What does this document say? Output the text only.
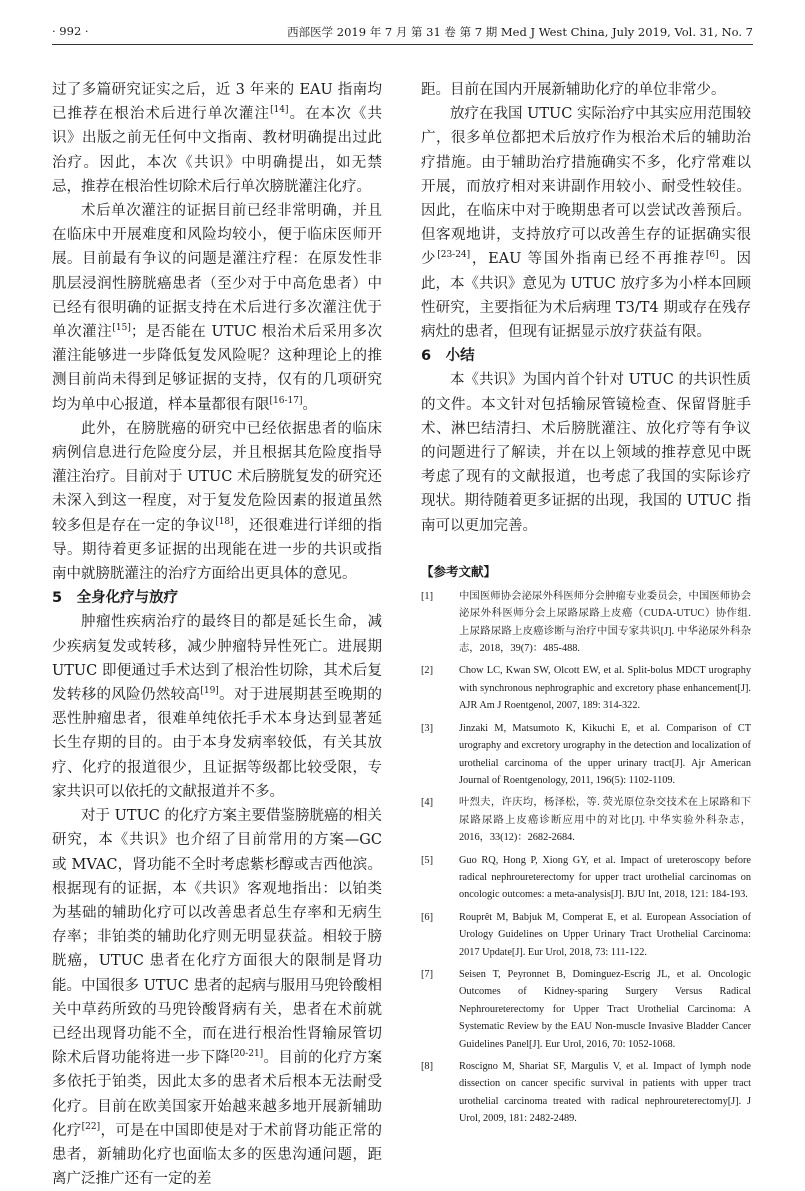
· 992 ·	西部医学 2019 年 7 月 第 31 卷 第 7 期 Med J West China, July 2019, Vol. 31, No. 7

过了多篇研究证实之后，近 3 年来的 EAU 指南均已推荐在根治术后进行单次灌注[14]。在本次《共识》出版之前无任何中文指南、教材明确提出过此治疗。因此，本次《共识》中明确提出，如无禁忌，推荐在根治性切除术后行单次膀胱灌注化疗。

术后单次灌注的证据目前已经非常明确，并且在临床中开展难度和风险均较小，便于临床医师开展。目前最有争议的问题是灌注疗程：在原发性非肌层浸润性膀胱癌患者（至少对于中高危患者）中已经有很明确的证据支持在术后进行多次灌注优于单次灌注[15]；是否能在 UTUC 根治术后采用多次灌注能够进一步降低复发风险呢？这种理论上的推测目前尚未得到足够证据的支持，仅有的几项研究均为单中心报道，样本量都很有限[16-17]。

此外，在膀胱癌的研究中已经依据患者的临床病例信息进行危险度分层，并且根据其危险度指导灌注治疗。目前对于 UTUC 术后膀胱复发的研究还未深入到这一程度，对于复发危险因素的报道虽然较多但是存在一定的争议[18]，还很难进行详细的指导。期待着更多证据的出现能在进一步的共识或指南中就膀胱灌注的治疗方面给出更具体的意见。

5　全身化疗与放疗

肿瘤性疾病治疗的最终目的都是延长生命，减少疾病复发或转移，减少肿瘤特异性死亡。进展期 UTUC 即便通过手术达到了根治性切除，其术后复发转移的风险仍然较高[19]。对于进展期甚至晚期的恶性肿瘤患者，很难单纯依托手术本身达到显著延长生存期的目的。由于本身发病率较低，有关其放疗、化疗的报道很少，且证据等级都比较受限，专家共识可以依托的文献报道并不多。

对于 UTUC 的化疗方案主要借鉴膀胱癌的相关研究，本《共识》也介绍了目前常用的方案—GC 或 MVAC，肾功能不全时考虑紫杉醇或吉西他滨。根据现有的证据，本《共识》客观地指出：以铂类为基础的辅助化疗可以改善患者总生存率和无病生存率；非铂类的辅助化疗则无明显获益。相较于膀胱癌，UTUC 患者在化疗方面很大的限制是肾功能。中国很多 UTUC 患者的起病与服用马兜铃酸相关中草药所致的马兜铃酸肾病有关，患者在术前就已经出现肾功能不全，而在进行根治性肾输尿管切除术后肾功能将进一步下降[20-21]。目前的化疗方案多依托于铂类，因此太多的患者术后根本无法耐受化疗。目前在欧美国家开始越来越多地开展新辅助化疗[22]，可是在中国即使是对于术前肾功能正常的患者，新辅助化疗也面临太多的医患沟通问题，距离广泛推广还有一定的差

距。目前在国内开展新辅助化疗的单位非常少。

放疗在我国 UTUC 实际治疗中其实应用范围较广，很多单位都把术后放疗作为根治术后的辅助治疗措施。由于辅助治疗措施确实不多，化疗常难以开展，而放疗相对来讲副作用较小、耐受性较佳。因此，在临床中对于晚期患者可以尝试改善预后。但客观地讲，支持放疗可以改善生存的证据确实很少[23-24]，EAU 等国外指南已经不再推荐[6]。因此，本《共识》意见为 UTUC 放疗多为小样本回顾性研究，主要指征为术后病理 T3/T4 期或存在残存病灶的患者，但现有证据显示放疗获益有限。

6　小结

本《共识》为国内首个针对 UTUC 的共识性质的文件。本文针对包括输尿管镜检查、保留肾脏手术、淋巴结清扫、术后膀胱灌注、放化疗等有争议的问题进行了解读，并在以上领域的推荐意见中既考虑了现有的文献报道，也考虑了我国的实际诊疗现状。期待随着更多证据的出现，我国的 UTUC 指南可以更加完善。

【参考文献】
[1]	中国医师协会泌尿外科医师分会肿瘤专业委员会，中国医师协会泌尿外科医师分会上尿路尿路上皮癌（CUDA-UTUC）协作组. 上尿路尿路上皮癌诊断与治疗中国专家共识[J]. 中华泌尿外科杂志，2018，39(7)：485-488.
[2]	Chow LC, Kwan SW, Olcott EW, et al. Split-bolus MDCT urography with synchronous nephrographic and excretory phase enhancement[J]. AJR Am J Roentgenol, 2007, 189: 314-322.
[3]	Jinzaki M, Matsumoto K, Kikuchi E, et al. Comparison of CT urography and excretory urography in the detection and localization of urothelial carcinoma of the upper urinary tract[J]. Ajr American Journal of Roentgenology, 2011, 196(5): 1102-1109.
[4]	叶烈夫，许庆均，杨泽松，等. 荧光原位杂交技术在上尿路和下尿路尿路上皮癌诊断应用中的对比[J]. 中华实验外科杂志，2016，33(12)：2682-2684.
[5]	Guo RQ, Hong P, Xiong GY, et al. Impact of ureteroscopy before radical nephroureterectomy for upper tract urothelial carcinomas on oncologic outcomes: a meta-analysis[J]. BJU Int, 2018, 121: 184-193.
[6]	Rouprêt M, Babjuk M, Comperat E, et al. European Association of Urology Guidelines on Upper Urinary Tract Urothelial Carcinoma: 2017 Update[J]. Eur Urol, 2018, 73: 111-122.
[7]	Seisen T, Peyronnet B, Dominguez-Escrig JL, et al. Oncologic Outcomes of Kidney-sparing Surgery Versus Radical Nephroureterectomy for Upper Tract Urothelial Carcinoma: A Systematic Review by the EAU Non-muscle Invasive Bladder Cancer Guidelines Panel[J]. Eur Urol, 2016, 70: 1052-1068.
[8]	Roscigno M, Shariat SF, Margulis V, et al. Impact of lymph node dissection on cancer specific survival in patients with upper tract urothelial carcinoma treated with radical nephroureterectomy[J]. J Urol, 2009, 181: 2482-2489.
